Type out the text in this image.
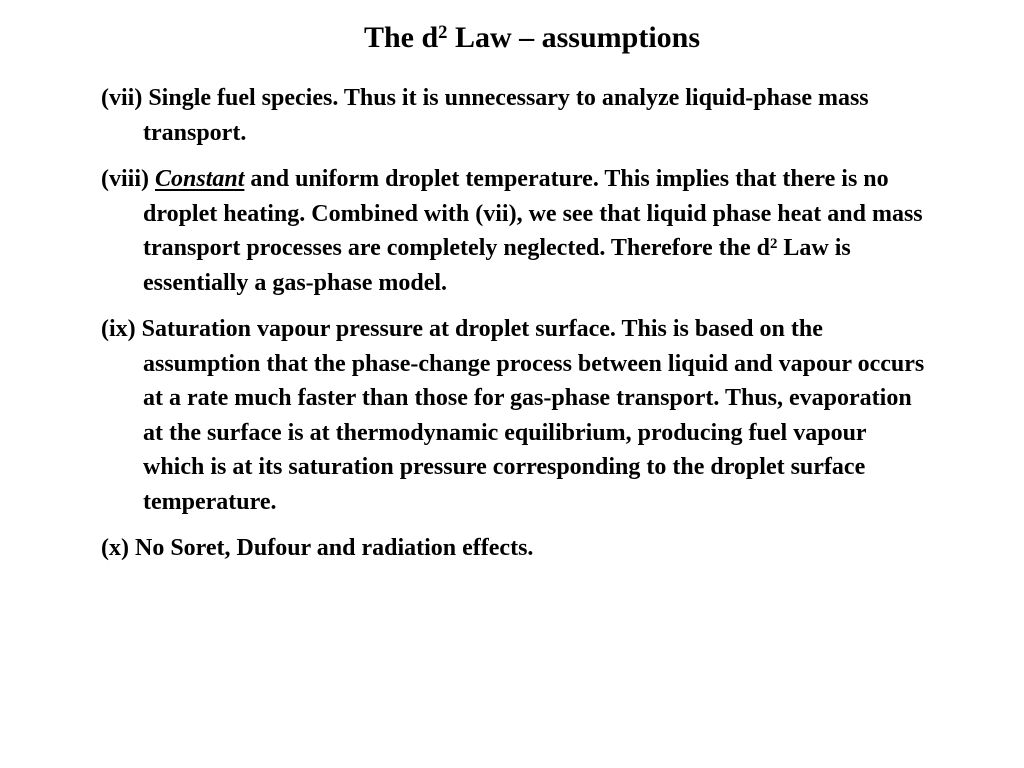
The $d^2$ Law – assumptions

(vii) Single fuel species. Thus it is unnecessary to analyze liquid-phase mass transport.

(viii) Constant and uniform droplet temperature. This implies that there is no droplet heating. Combined with (vii), we see that liquid phase heat and mass transport processes are completely neglected. Therefore the $d^2$ Law is essentially a gas-phase model.

(ix) Saturation vapour pressure at droplet surface. This is based on the assumption that the phase-change process between liquid and vapour occurs at a rate much faster than those for gas-phase transport. Thus, evaporation at the surface is at thermodynamic equilibrium, producing fuel vapour which is at its saturation pressure corresponding to the droplet surface temperature.

(x) No Soret, Dufour and radiation effects.
